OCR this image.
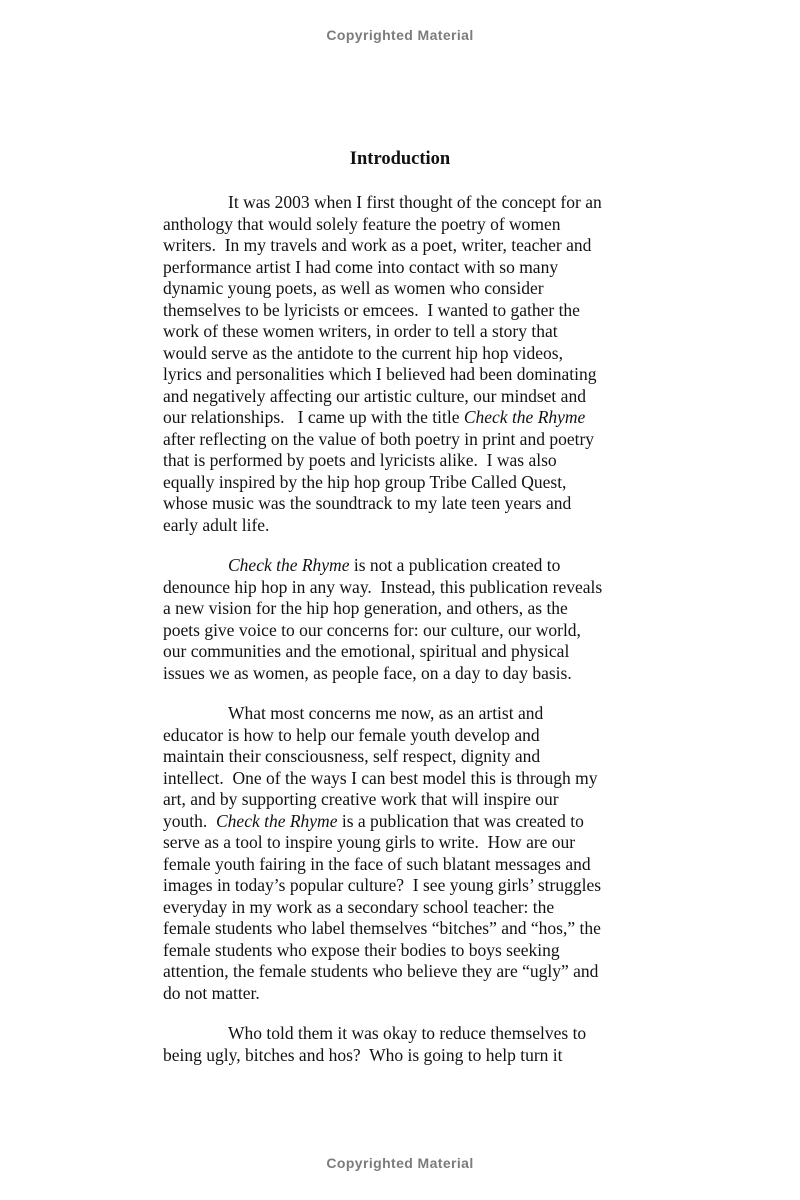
Copyrighted Material
Introduction
It was 2003 when I first thought of the concept for an
anthology that would solely feature the poetry of women
writers.  In my travels and work as a poet, writer, teacher and
performance artist I had come into contact with so many
dynamic young poets, as well as women who consider
themselves to be lyricists or emcees.  I wanted to gather the
work of these women writers, in order to tell a story that
would serve as the antidote to the current hip hop videos,
lyrics and personalities which I believed had been dominating
and negatively affecting our artistic culture, our mindset and
our relationships.   I came up with the title Check the Rhyme
after reflecting on the value of both poetry in print and poetry
that is performed by poets and lyricists alike.  I was also
equally inspired by the hip hop group Tribe Called Quest,
whose music was the soundtrack to my late teen years and
early adult life.
Check the Rhyme is not a publication created to
denounce hip hop in any way.  Instead, this publication reveals
a new vision for the hip hop generation, and others, as the
poets give voice to our concerns for: our culture, our world,
our communities and the emotional, spiritual and physical
issues we as women, as people face, on a day to day basis.
What most concerns me now, as an artist and
educator is how to help our female youth develop and
maintain their consciousness, self respect, dignity and
intellect.  One of the ways I can best model this is through my
art, and by supporting creative work that will inspire our
youth.  Check the Rhyme is a publication that was created to
serve as a tool to inspire young girls to write.  How are our
female youth fairing in the face of such blatant messages and
images in today’s popular culture?  I see young girls’ struggles
everyday in my work as a secondary school teacher: the
female students who label themselves “bitches” and “hos,” the
female students who expose their bodies to boys seeking
attention, the female students who believe they are “ugly” and
do not matter.
Who told them it was okay to reduce themselves to
being ugly, bitches and hos?  Who is going to help turn it
Copyrighted Material
